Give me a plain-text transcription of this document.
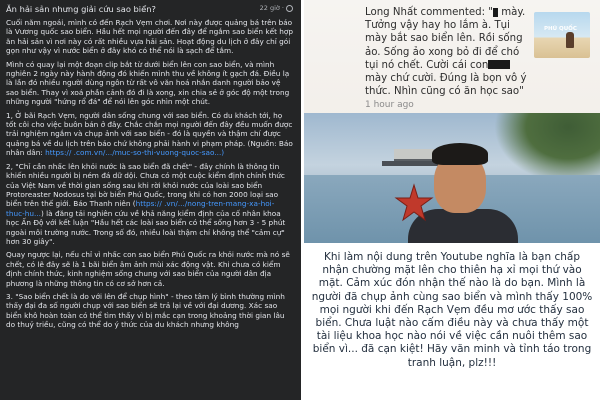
22 giờ ·
Ăn hải sản nhưng giải cứu sao biển?

Cuối năm ngoái, mình có đến Rạch Vẹm chơi. Nơi này được quảng bá trên báo là Vương quốc sao biển. Hầu hết mọi người đến đây để ngắm sao biển kết hợp ăn hải sản vì nơi này có rất nhiều vựa hải sản. Hoạt động du lịch ở đây chỉ gói gọn như vậy vì nước biển ở đây khó có thể nói là sạch để tắm.

Mình có quay lại một đoạn clip bắt từ dưới biển lên con sao biển, và mình nghiên 2 ngày này hành động đó khiến mình thu về không ít gạch đá. Điều lạ là lần đó nhiều người dùng ngôn từ rất vô văn hoá nhắn danh người bảo vệ sao biển. Thay vì xoá phần cảnh đó đi là xong, xin chia sẻ ở góc độ một trong những người "hứng rổ đá" để nói lên góc nhìn một chút.

1, Ở bãi Rạch Vẹm, người dân sống chung với sao biển. Có du khách tới, họ tốt côi cho việc buôn bán ở đây. Chắc chắn mọi người đến đây đều muốn được trải nghiệm ngắm và chụp ảnh với sao biển - đó là quyền và thậm chí được quảng bá về du lịch trên báo chứ không phải hành vi phạm pháp. (Nguồn: Báo nhân dân: https:// .com.vn/.../muc-so-thi-vuong-quoc-sao...)

2, "Chỉ cần nhấc lên khỏi nước là sao biển đã chết" - đây chính là thông tin khiến nhiều người bị ném đá dữ dội. Chưa có một cuộc kiểm định chính thức của Việt Nam về thời gian sống sau khi rời khỏi nước của loài sao biển Protoreaster Nodosus tại bờ biển Phú Quốc, trong khi có hơn 2000 loại sao biển trên thế giới. Báo Thanh niên (https:// .vn/.../nong-tren-mang-xa-hoi-thuc-hu...) là đăng tải nghiên cứu về khả năng kiểm định của cố nhân khoa học Ấn Độ với kết luận "Hầu hết các loài sao biển có thể sống hơn 3 - 5 phút ngoài môi trường nước. Trong số đó, nhiều loài thậm chí không thể "cảm cự" hơn 30 giây".

Quay ngược lại, nếu chỉ vì nhấc con sao biển Phú Quốc ra khỏi nước mà nó sẽ chết, có lẽ đây sẽ là 1 bãi biển âm ảnh mùi xác động vật. Khi chưa có kiểm định chính thức, kinh nghiệm sống chung với sao biển của người dân địa phương là những thông tin có cơ sở hơn cả.

3. "Sao biển chết là do với lên để chụp hình" - theo tâm lý bình thường mình thấy đại đa số người chụp với sao biển sẽ trả lại về với đại dương. Xác sao biển khô hoàn toàn có thể tìm thấy vì bị mắc cạn trong khoảng thời gian lâu do thuỷ triều, cũng có thể do ý thức của du khách nhưng không

Long Nhất commented: " mày. Tưởng vậy hay ho lắm à. Tụi mày bắt sao biển lên. Rồi sống ảo. Sống ảo xong bỏ đi để chó tụi nó chết. Cười cái con mày chứ cười. Đúng là bọn vô ý thức. Nhìn cũng có ăn học sao"
1 hour ago
PHÚ QUỐC
Khi làm nội dung trên Youtube nghĩa là bạn chấp nhận chường mặt lên cho thiên hạ xỉ mọi thứ vào mặt. Cảm xúc đón nhận thế nào là do bạn. Mình là người đã chụp ảnh cùng sao biển và mình thấy 100% mọi người khi đến Rạch Vẹm đều mơ ước thấy sao biển. Chưa luật nào cấm điều này và chưa thấy một tài liệu khoa học nào nói về việc cần nuôi thêm sao biển vì... đã cạn kiệt! Hãy văn minh và tỉnh táo trong tranh luận, plz!!!
